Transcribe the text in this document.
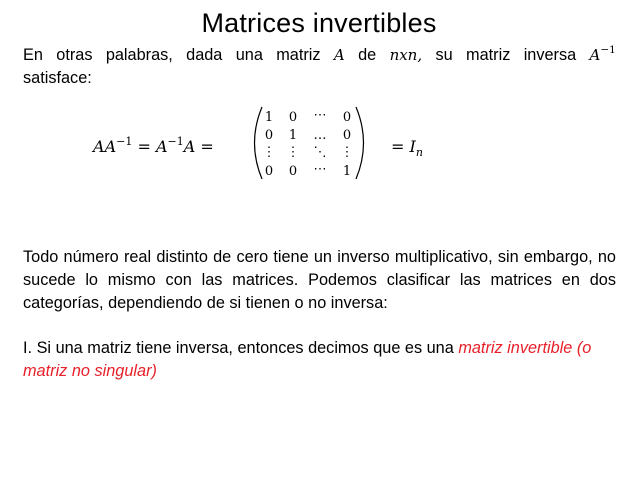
Matrices invertibles
En otras palabras, dada una matriz A de nxn, su matriz inversa $A^{-1}$
satisface:
$AA^{-1} = A^{-1}A$ =
1	0	⋯	0
0	1	…	0
⋮ ⋮ ⋱ ⋮
0	0	⋯	1
= $I_n$
Todo número real distinto de cero tiene un inverso multiplicativo, sin embargo, no sucede lo mismo con las matrices. Podemos clasificar las matrices en dos categorías, dependiendo de si tienen o no inversa:
I. Si una matriz tiene inversa, entonces decimos que es una matriz invertible (o matriz no singular)
